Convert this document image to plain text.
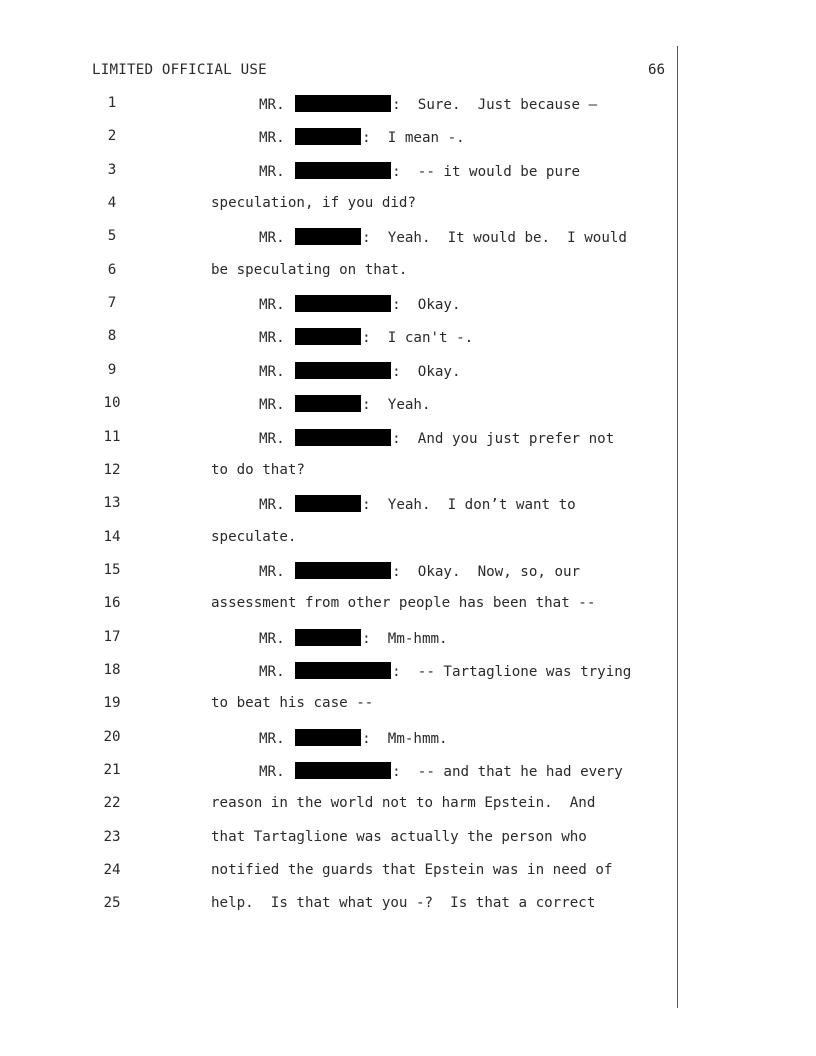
LIMITED OFFICIAL USE	66
1	MR.	:  Sure.  Just because –
2	MR.	:  I mean -.
3	MR.	:  -- it would be pure
4	speculation, if you did?
5	MR.	:  Yeah.  It would be.  I would
6	be speculating on that.
7	MR.	:  Okay.
8	MR.	:  I can't -.
9	MR.	:  Okay.
10	MR.	:  Yeah.
11	MR.	:  And you just prefer not
12	to do that?
13	MR.	:  Yeah.  I don’t want to
14	speculate.
15	MR.	:  Okay.  Now, so, our
16	assessment from other people has been that --
17	MR.	:  Mm-hmm.
18	MR.	:  -- Tartaglione was trying
19	to beat his case --
20	MR.	:  Mm-hmm.
21	MR.	:  -- and that he had every
22	reason in the world not to harm Epstein.  And
23	that Tartaglione was actually the person who
24	notified the guards that Epstein was in need of
25	help.  Is that what you -?  Is that a correct
